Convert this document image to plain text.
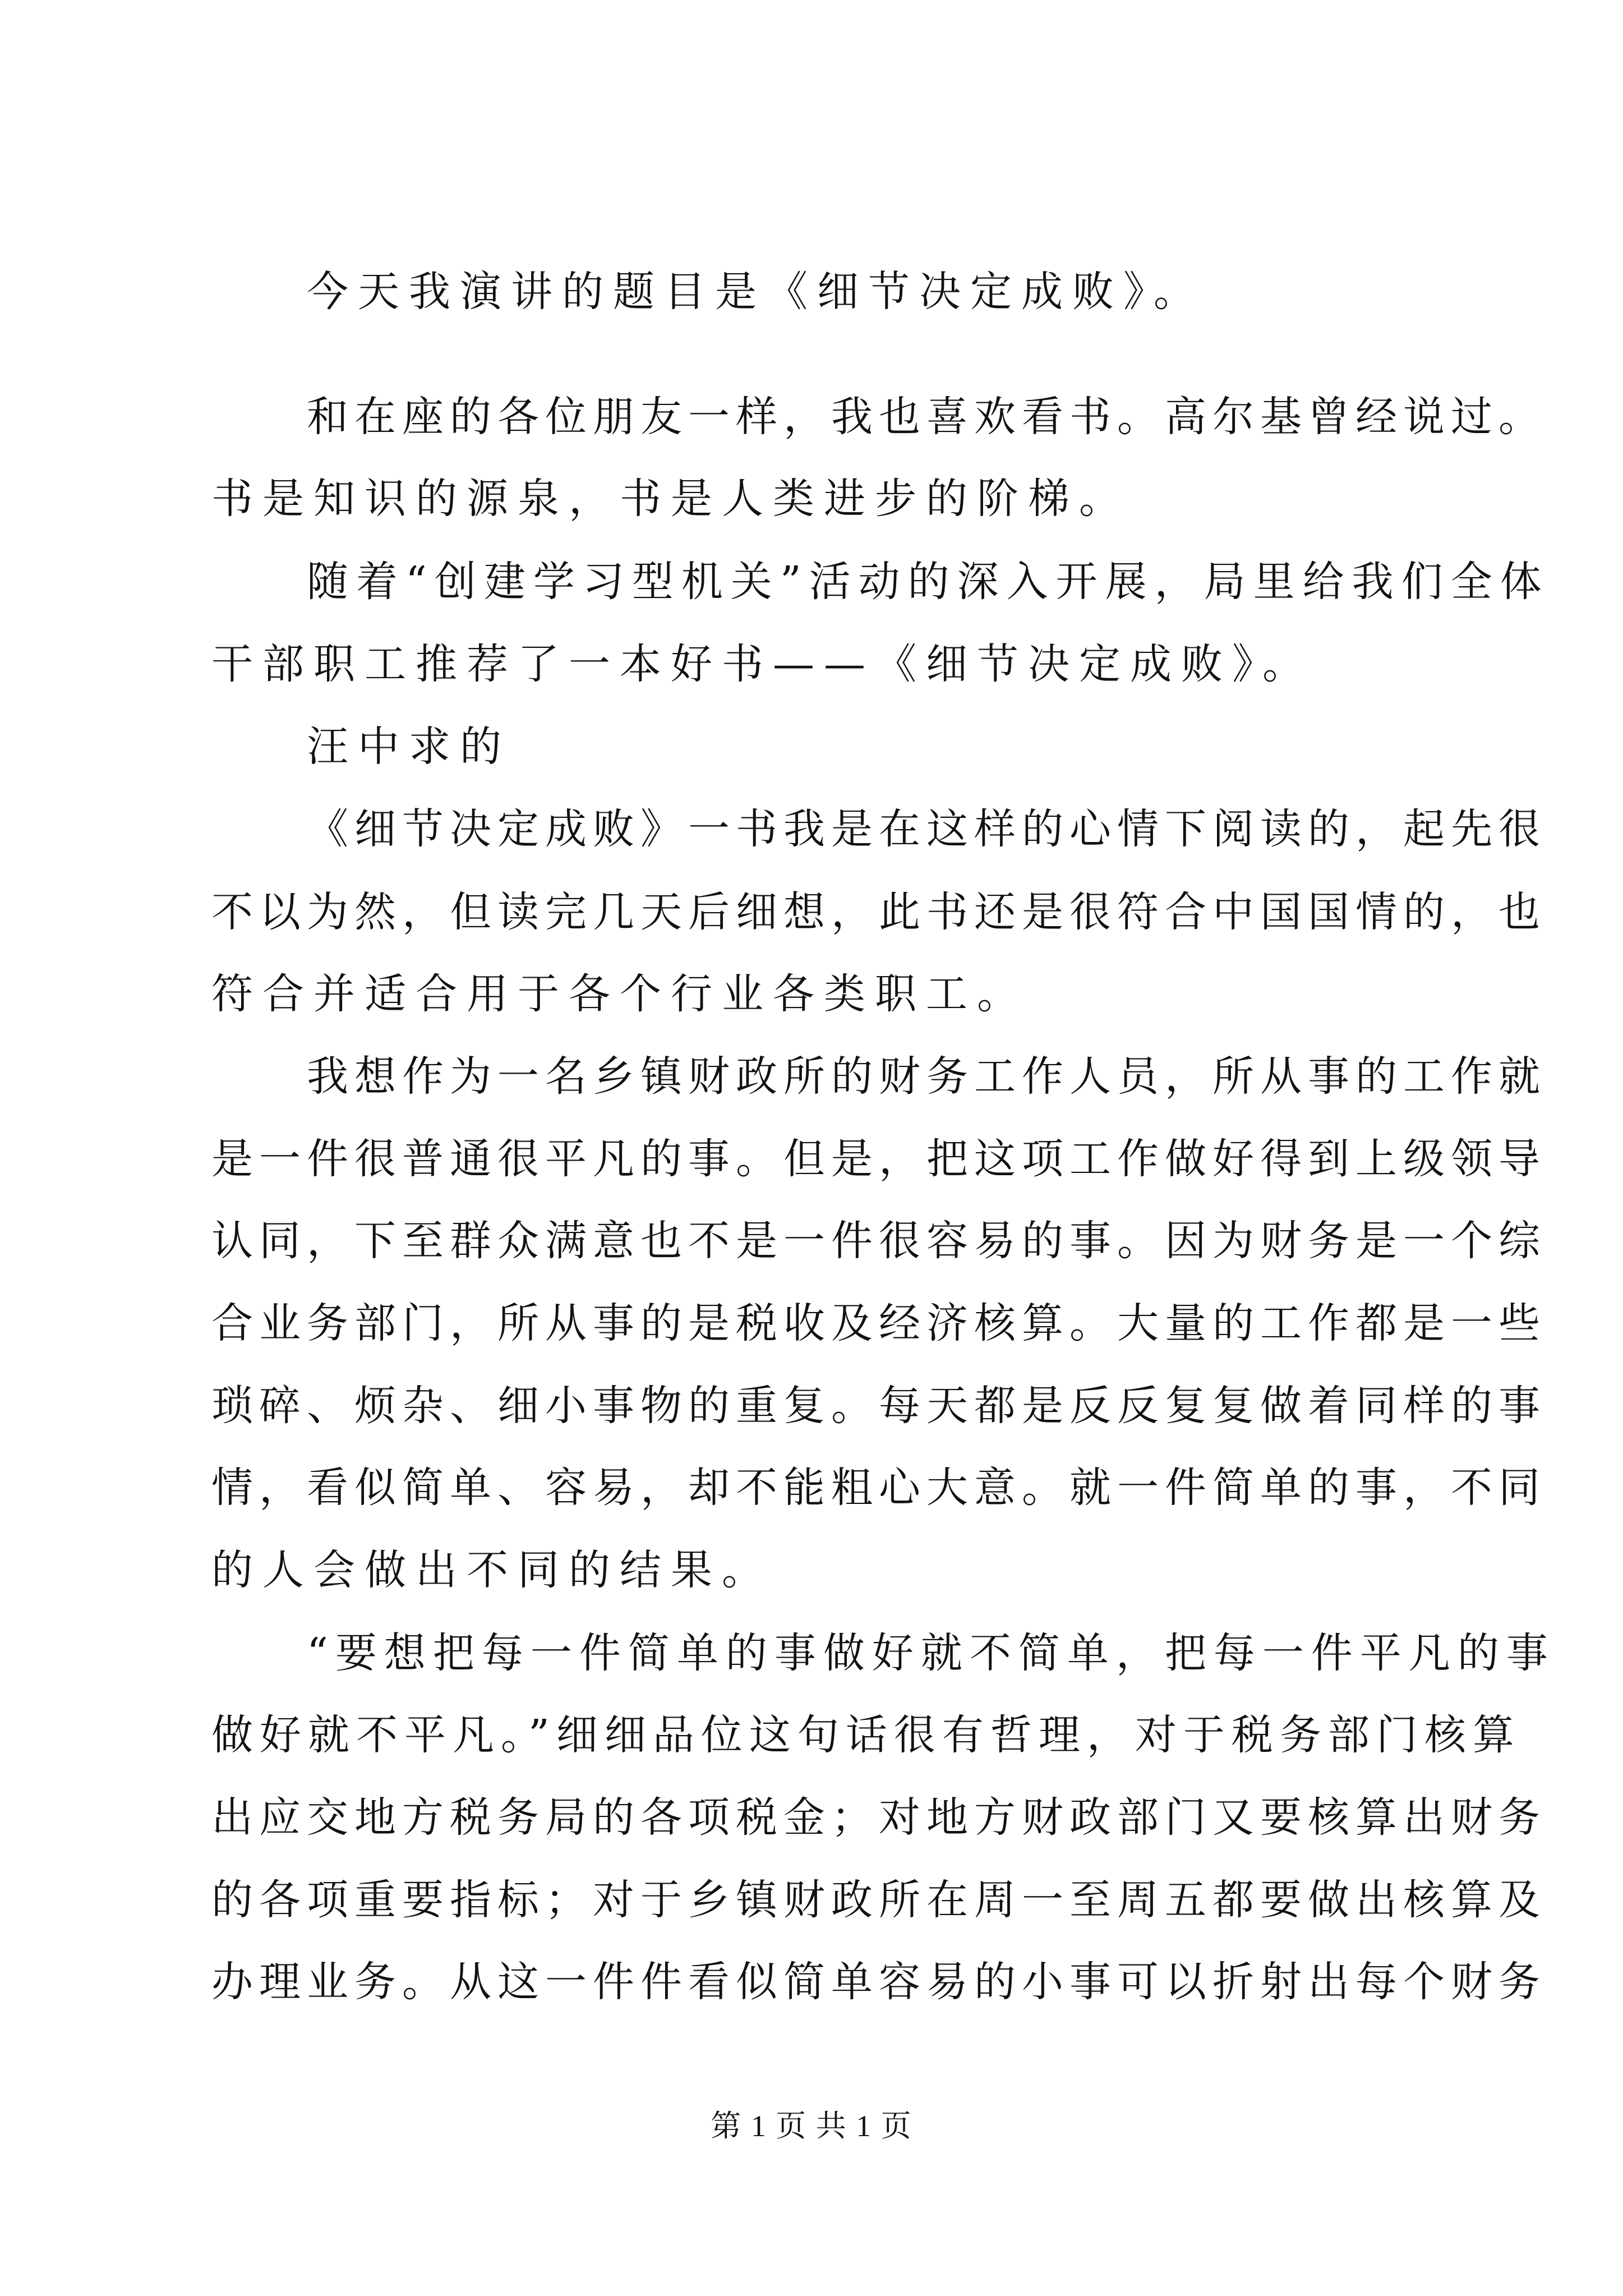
今天我演讲的题目是《细节决定成败》。
和在座的各位朋友一样，我也喜欢看书。高尔基曾经说过。
书是知识的源泉，书是人类进步的阶梯。
随着“创建学习型机关”活动的深入开展，局里给我们全体
干部职工推荐了一本好书——《细节决定成败》。
汪中求的
《细节决定成败》一书我是在这样的心情下阅读的，起先很
不以为然，但读完几天后细想，此书还是很符合中国国情的，也
符合并适合用于各个行业各类职工。
我想作为一名乡镇财政所的财务工作人员，所从事的工作就
是一件很普通很平凡的事。但是，把这项工作做好得到上级领导
认同，下至群众满意也不是一件很容易的事。因为财务是一个综
合业务部门，所从事的是税收及经济核算。大量的工作都是一些
琐碎、烦杂、细小事物的重复。每天都是反反复复做着同样的事
情，看似简单、容易，却不能粗心大意。就一件简单的事，不同
的人会做出不同的结果。
“要想把每一件简单的事做好就不简单，把每一件平凡的事
做好就不平凡。”细细品位这句话很有哲理，对于税务部门核算
出应交地方税务局的各项税金；对地方财政部门又要核算出财务
的各项重要指标；对于乡镇财政所在周一至周五都要做出核算及
办理业务。从这一件件看似简单容易的小事可以折射出每个财务
第 1 页 共 1 页
